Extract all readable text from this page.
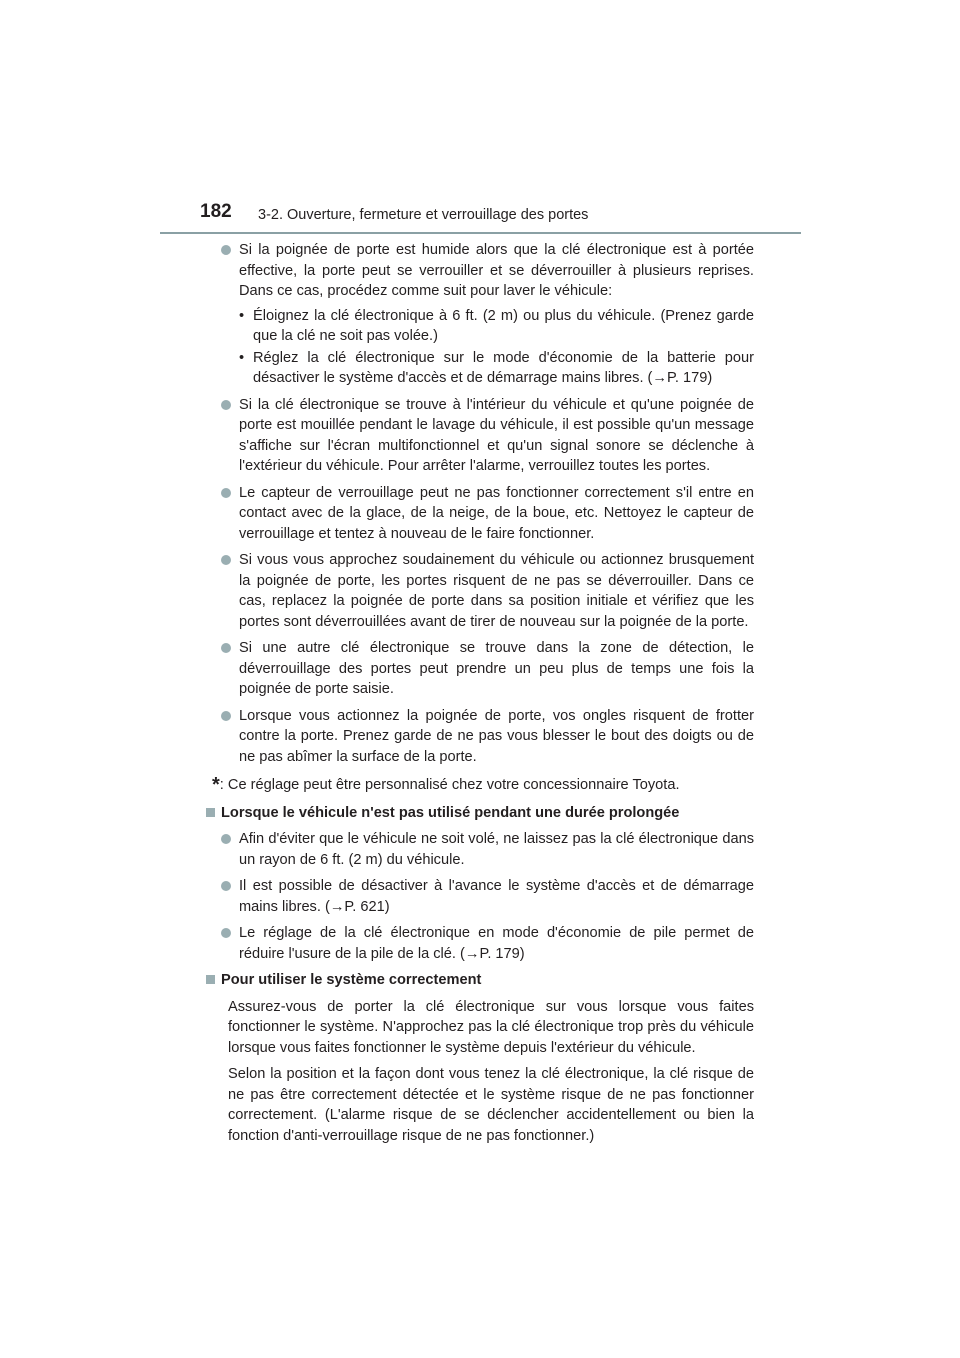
182 3-2. Ouverture, fermeture et verrouillage des portes
Si la poignée de porte est humide alors que la clé électronique est à portée effective, la porte peut se verrouiller et se déverrouiller à plusieurs reprises. Dans ce cas, procédez comme suit pour laver le véhicule:
• Éloignez la clé électronique à 6 ft. (2 m) ou plus du véhicule. (Prenez garde que la clé ne soit pas volée.)
• Réglez la clé électronique sur le mode d'économie de la batterie pour désactiver le système d'accès et de démarrage mains libres. (→P. 179)
Si la clé électronique se trouve à l'intérieur du véhicule et qu'une poignée de porte est mouillée pendant le lavage du véhicule, il est possible qu'un message s'affiche sur l'écran multifonctionnel et qu'un signal sonore se déclenche à l'extérieur du véhicule. Pour arrêter l'alarme, verrouillez toutes les portes.
Le capteur de verrouillage peut ne pas fonctionner correctement s'il entre en contact avec de la glace, de la neige, de la boue, etc. Nettoyez le capteur de verrouillage et tentez à nouveau de le faire fonctionner.
Si vous vous approchez soudainement du véhicule ou actionnez brusquement la poignée de porte, les portes risquent de ne pas se déverrouiller. Dans ce cas, replacez la poignée de porte dans sa position initiale et vérifiez que les portes sont déverrouillées avant de tirer de nouveau sur la poignée de la porte.
Si une autre clé électronique se trouve dans la zone de détection, le déverrouillage des portes peut prendre un peu plus de temps une fois la poignée de porte saisie.
Lorsque vous actionnez la poignée de porte, vos ongles risquent de frotter contre la porte. Prenez garde de ne pas vous blesser le bout des doigts ou de ne pas abîmer la surface de la porte.
*: Ce réglage peut être personnalisé chez votre concessionnaire Toyota.
Lorsque le véhicule n'est pas utilisé pendant une durée prolongée
Afin d'éviter que le véhicule ne soit volé, ne laissez pas la clé électronique dans un rayon de 6 ft. (2 m) du véhicule.
Il est possible de désactiver à l'avance le système d'accès et de démarrage mains libres. (→P. 621)
Le réglage de la clé électronique en mode d'économie de pile permet de réduire l'usure de la pile de la clé. (→P. 179)
Pour utiliser le système correctement
Assurez-vous de porter la clé électronique sur vous lorsque vous faites fonctionner le système. N'approchez pas la clé électronique trop près du véhicule lorsque vous faites fonctionner le système depuis l'extérieur du véhicule.
Selon la position et la façon dont vous tenez la clé électronique, la clé risque de ne pas être correctement détectée et le système risque de ne pas fonctionner correctement. (L'alarme risque de se déclencher accidentellement ou bien la fonction d'anti-verrouillage risque de ne pas fonctionner.)
